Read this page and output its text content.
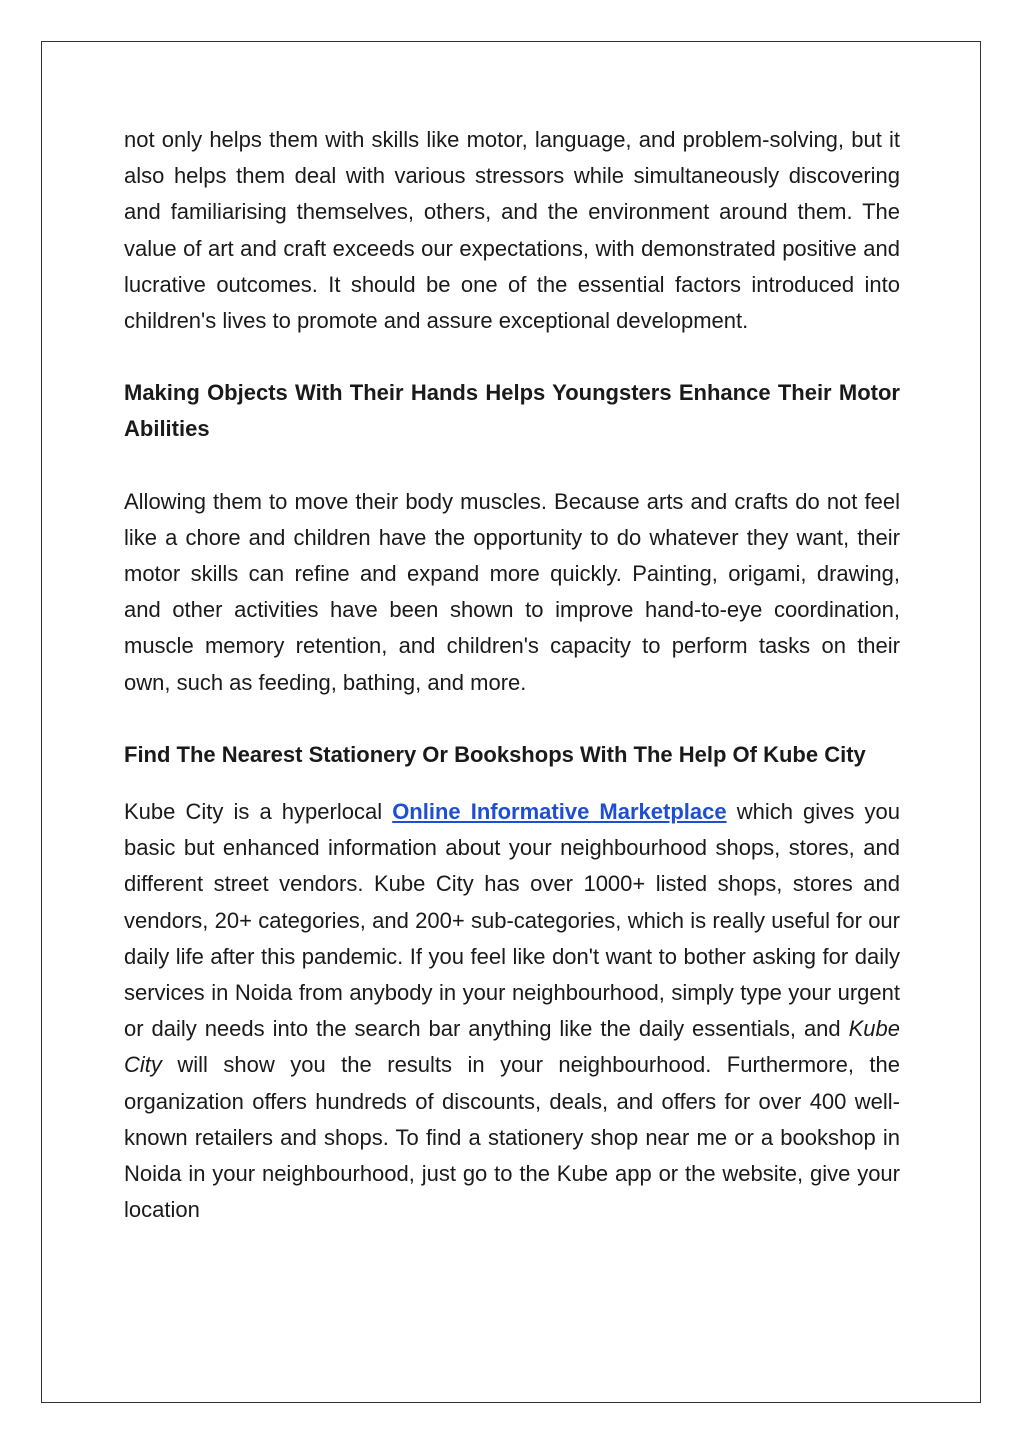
not only helps them with skills like motor, language, and problem-solving, but it also helps them deal with various stressors while simultaneously discovering and familiarising themselves, others, and the environment around them. The value of art and craft exceeds our expectations, with demonstrated positive and lucrative outcomes. It should be one of the essential factors introduced into children's lives to promote and assure exceptional development.

Making Objects With Their Hands Helps Youngsters Enhance Their Motor Abilities

Allowing them to move their body muscles. Because arts and crafts do not feel like a chore and children have the opportunity to do whatever they want, their motor skills can refine and expand more quickly. Painting, origami, drawing, and other activities have been shown to improve hand-to-eye coordination, muscle memory retention, and children's capacity to perform tasks on their own, such as feeding, bathing, and more.

Find The Nearest Stationery Or Bookshops With The Help Of Kube City

Kube City is a hyperlocal Online Informative Marketplace which gives you basic but enhanced information about your neighbourhood shops, stores, and different street vendors. Kube City has over 1000+ listed shops, stores and vendors, 20+ categories, and 200+ sub-categories, which is really useful for our daily life after this pandemic. If you feel like don't want to bother asking for daily services in Noida from anybody in your neighbourhood, simply type your urgent or daily needs into the search bar anything like the daily essentials, and Kube City will show you the results in your neighbourhood. Furthermore, the organization offers hundreds of discounts, deals, and offers for over 400 well-known retailers and shops. To find a stationery shop near me or a bookshop in Noida in your neighbourhood, just go to the Kube app or the website, give your location
